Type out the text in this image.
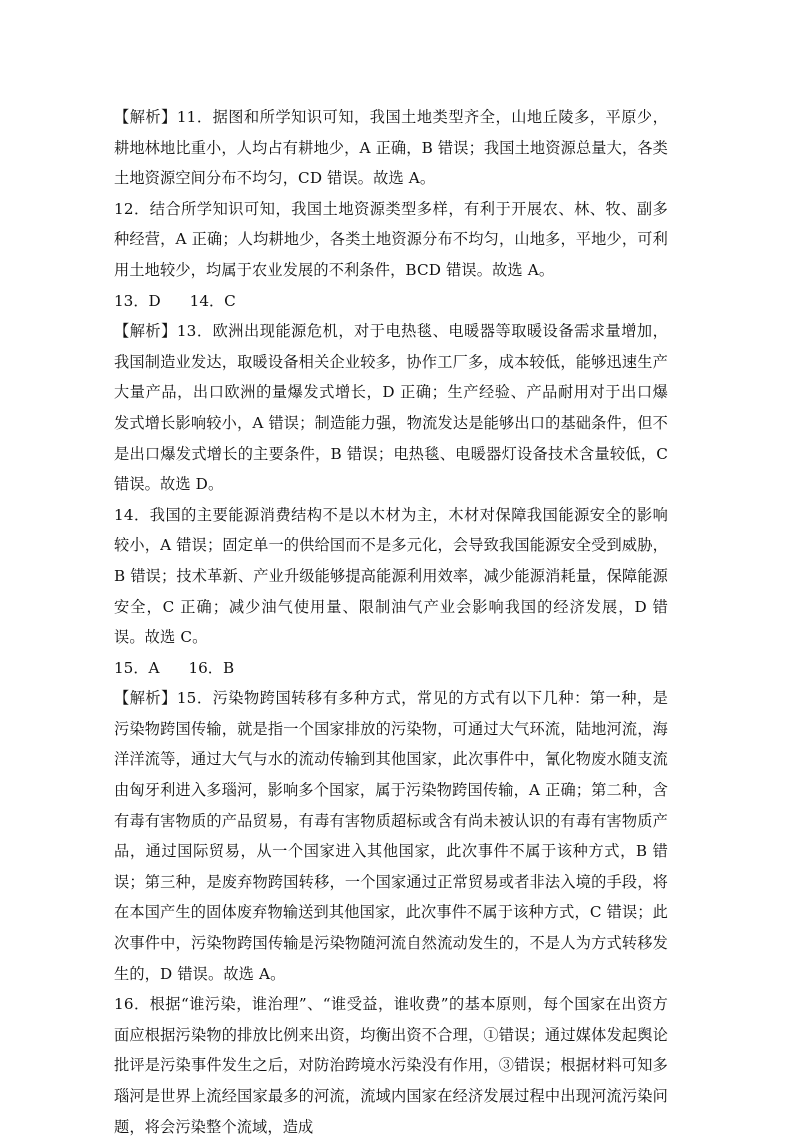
【解析】11．据图和所学知识可知，我国土地类型齐全，山地丘陵多，平原少，耕地林地比重小，人均占有耕地少，A 正确，B 错误；我国土地资源总量大，各类土地资源空间分布不均匀，CD 错误。故选 A。

12．结合所学知识可知，我国土地资源类型多样，有利于开展农、林、牧、副多种经营，A 正确；人均耕地少，各类土地资源分布不均匀，山地多，平地少，可利用土地较少，均属于农业发展的不利条件，BCD 错误。故选 A。

13．D      14．C

【解析】13．欧洲出现能源危机，对于电热毯、电暖器等取暖设备需求量增加，我国制造业发达，取暖设备相关企业较多，协作工厂多，成本较低，能够迅速生产大量产品，出口欧洲的量爆发式增长，D 正确；生产经验、产品耐用对于出口爆发式增长影响较小，A 错误；制造能力强，物流发达是能够出口的基础条件，但不是出口爆发式增长的主要条件，B 错误；电热毯、电暖器灯设备技术含量较低，C 错误。故选 D。

14．我国的主要能源消费结构不是以木材为主，木材对保障我国能源安全的影响较小，A 错误；固定单一的供给国而不是多元化，会导致我国能源安全受到威胁，B 错误；技术革新、产业升级能够提高能源利用效率，减少能源消耗量，保障能源安全，C 正确；减少油气使用量、限制油气产业会影响我国的经济发展，D 错误。故选 C。

15．A      16．B

【解析】15．污染物跨国转移有多种方式，常见的方式有以下几种：第一种，是污染物跨国传输，就是指一个国家排放的污染物，可通过大气环流，陆地河流，海洋洋流等，通过大气与水的流动传输到其他国家，此次事件中，氰化物废水随支流由匈牙利进入多瑙河，影响多个国家，属于污染物跨国传输，A 正确；第二种，含有毒有害物质的产品贸易，有毒有害物质超标或含有尚未被认识的有毒有害物质产品，通过国际贸易，从一个国家进入其他国家，此次事件不属于该种方式，B 错误；第三种，是废弃物跨国转移，一个国家通过正常贸易或者非法入境的手段，将在本国产生的固体废弃物输送到其他国家，此次事件不属于该种方式，C 错误；此次事件中，污染物跨国传输是污染物随河流自然流动发生的，不是人为方式转移发生的，D 错误。故选 A。

16．根据“谁污染，谁治理”、“谁受益，谁收费”的基本原则，每个国家在出资方面应根据污染物的排放比例来出资，均衡出资不合理，①错误；通过媒体发起舆论批评是污染事件发生之后，对防治跨境水污染没有作用，③错误；根据材料可知多瑙河是世界上流经国家最多的河流，流域内国家在经济发展过程中出现河流污染问题，将会污染整个流域，造成
